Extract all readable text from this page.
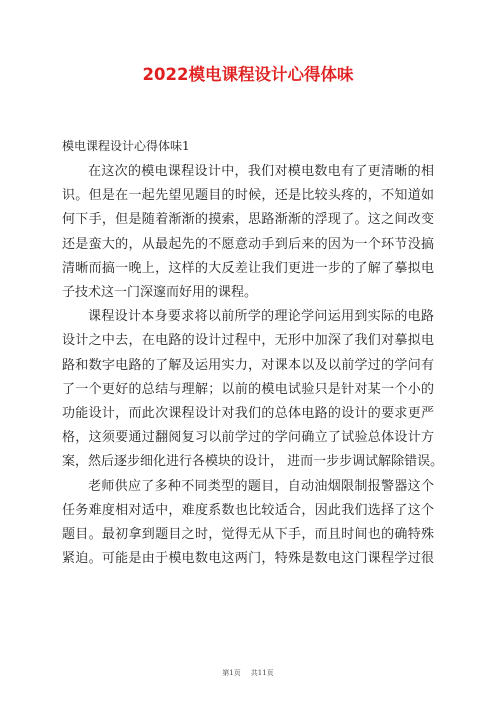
2022模电课程设计心得体味

模电课程设计心得体味1

在这次的模电课程设计中，我们对模电数电有了更清晰的相
识。但是在一起先望见题目的时候，还是比较头疼的，不知道如
何下手，但是随着渐渐的摸索，思路渐渐的浮现了。这之间改变
还是蛮大的，从最起先的不愿意动手到后来的因为一个环节没搞
清晰而搞一晚上，这样的大反差让我们更进一步的了解了摹拟电
子技术这一门深邃而好用的课程。

课程设计本身要求将以前所学的理论学问运用到实际的电路
设计之中去，在电路的设计过程中，无形中加深了我们对摹拟电
路和数字电路的了解及运用实力，对课本以及以前学过的学问有
了一个更好的总结与理解；以前的模电试验只是针对某一个小的
功能设计，而此次课程设计对我们的总体电路的设计的要求更严
格，这须要通过翻阅复习以前学过的学问确立了试验总体设计方
案，然后逐步细化进行各模块的设计， 进而一步步调试解除错误。

老师供应了多种不同类型的题目，自动油烟限制报警器这个
任务难度相对适中，难度系数也比较适合，因此我们选择了这个
题目。最初拿到题目之时，觉得无从下手，而且时间也的确特殊
紧迫。可能是由于模电数电这两门，特殊是数电这门课程学过很

第1页 共11页
